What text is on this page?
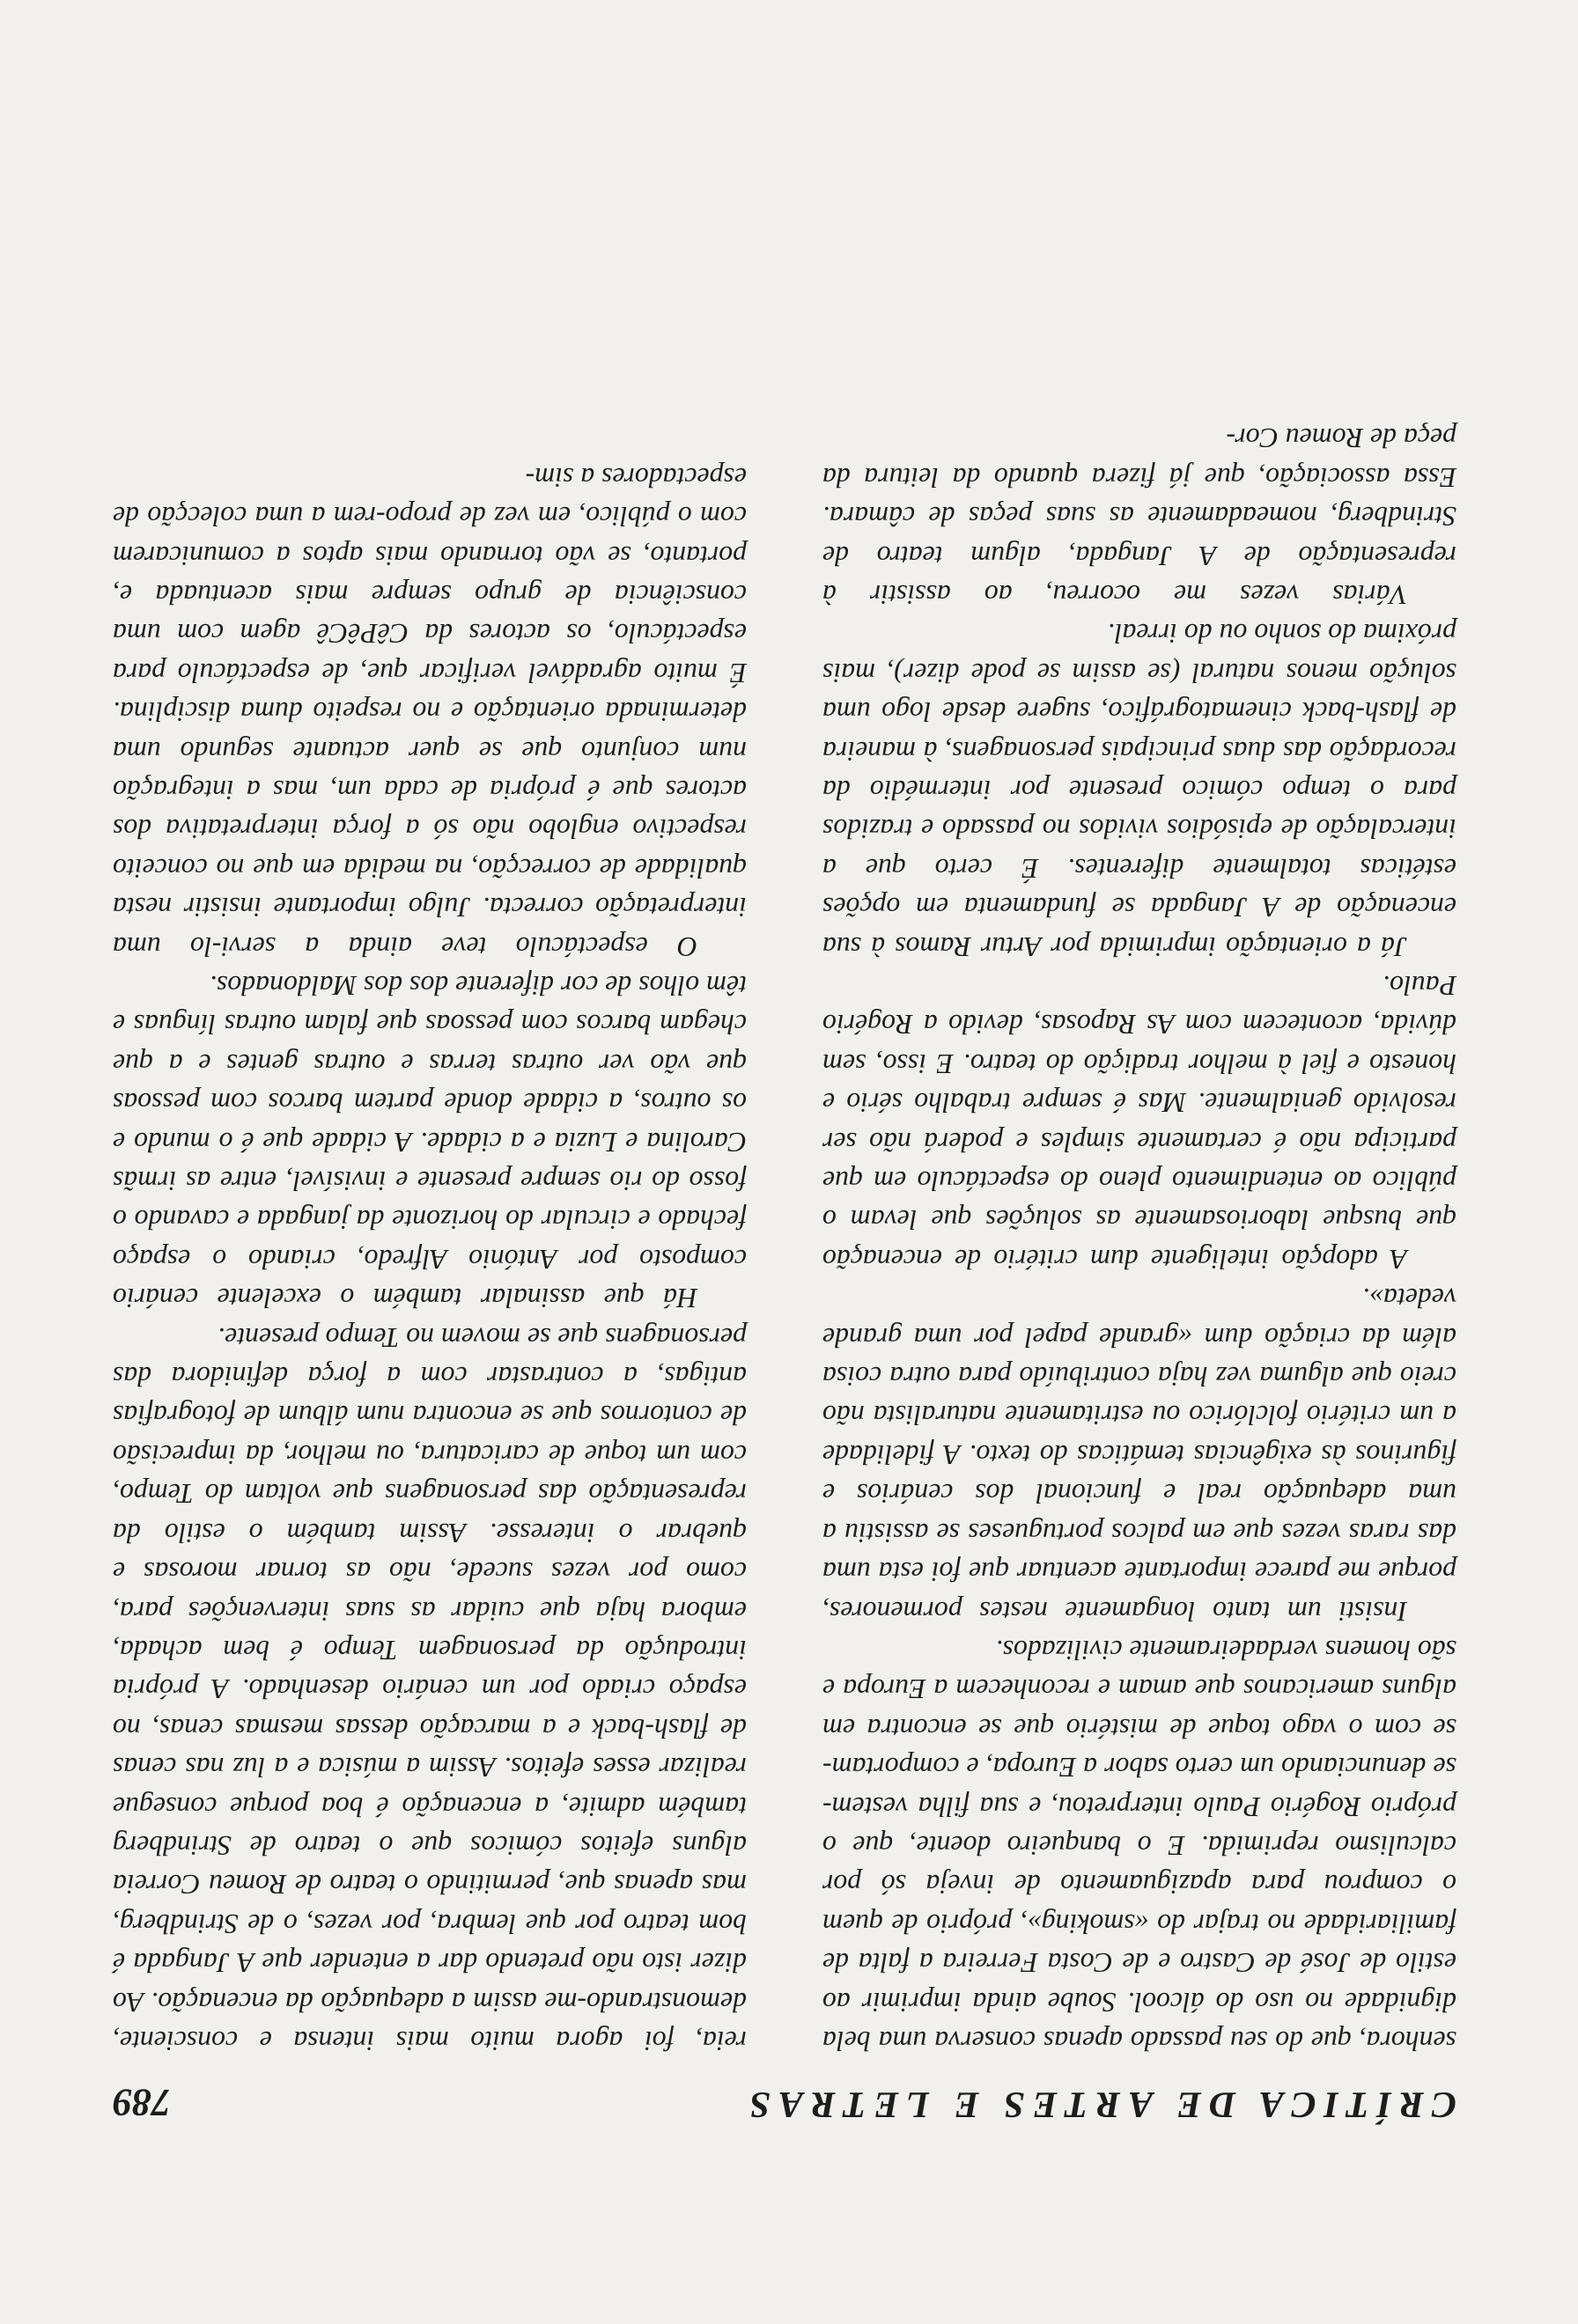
CRÍTICA DE ARTES E LETRAS
789

senhora, que do seu passado apenas conserva uma bela dignidade no uso do álcool. Soube ainda imprimir ao estilo de José de Castro e de Costa Ferreira a falta de familiaridade no trajar do «smoking», próprio de quem o comprou para apaziguamento de inveja só por calculismo reprimida. E o banqueiro doente, que o próprio Rogério Paulo interpretou, e sua filha vestem-se denunciando um certo sabor a Europa, e comportam-se com o vago toque de mistério que se encontra em alguns americanos que amam e reconhecem a Europa e são homens verdadeiramente civilizados.

Insisti um tanto longamente nestes pormenores, porque me parece importante acentuar que foi esta uma das raras vezes que em palcos portugueses se assistiu a uma adequação real e funcional dos cenários e figurinos às exigências temáticas do texto. A fidelidade a um critério folclórico ou estritamente naturalista não creio que alguma vez haja contribuído para outra coisa além da criação dum «grande papel por uma grande vedeta».

A adopção inteligente dum critério de encenação que busque laboriosamente as soluções que levam o público ao entendimento pleno do espectáculo em que participa não é certamente simples e poderá não ser resolvido genialmente. Mas é sempre trabalho sério e honesto e fiel à melhor tradição do teatro. E isso, sem dúvida, acontecem com As Raposas, devido a Rogério Paulo.

Já a orientação imprimida por Artur Ramos à sua encenação de A Jangada se fundamenta em opções estéticas totalmente diferentes. É certo que a intercalação de episódios vividos no passado e trazidos para o tempo cómico presente por intermédio da recordação das duas principais personagens, à maneira de flash-back cinematográfico, sugere desde logo uma solução menos natural (se assim se pode dizer), mais próxima do sonho ou do irreal.

Várias vezes me ocorreu, ao assistir à representação de A Jangada, algum teatro de Strindberg, nomeadamente as suas peças de câmara. Essa associação, que já fizera quando da leitura da peça de Romeu Cor-

reia, foi agora muito mais intensa e consciente, demonstrando-me assim a adequação da encenação. Ao dizer isto não pretendo dar a entender que A Jangada é bom teatro por que lembra, por vezes, o de Strindberg, mas apenas que, permitindo o teatro de Romeu Correia alguns efeitos cómicos que o teatro de Strindberg também admite, a encenação é boa porque consegue realizar esses efeitos. Assim a música e a luz nas cenas de flash-back e a marcação dessas mesmas cenas, no espaço criado por um cenário desenhado. A própria introdução da personagem Tempo é bem achada, embora haja que cuidar as suas intervenções para, como por vezes sucede, não as tornar morosas e quebrar o interesse. Assim também o estilo da representação das personagens que voltam do Tempo, com um toque de caricatura, ou melhor, da imprecisão de contornos que se encontra num álbum de fotografias antigas, a contrastar com a força definidora das personagens que se movem no Tempo presente.

Há que assinalar também o excelente cenário composto por António Alfredo, criando o espaço fechado e circular do horizonte da jangada e cavando o fosso do rio sempre presente e invisível, entre as irmãs Carolina e Luzia e a cidade. A cidade que é o mundo e os outros, a cidade donde partem barcos com pessoas que vão ver outras terras e outras gentes e a que chegam barcos com pessoas que falam outras línguas e têm olhos de cor diferente dos dos Maldonados.

O espectáculo teve ainda a servi-lo uma interpretação correcta. Julgo importante insistir nesta qualidade de correcção, na medida em que no conceito respectivo englobo não só a força interpretativa dos actores que é própria de cada um, mas a integração num conjunto que se quer actuante segundo uma determinada orientação e no respeito duma disciplina. É muito agradável verificar que, de espectáculo para espectáculo, os actores da CêPêCê agem com uma consciência de grupo sempre mais acentuada e, portanto, se vão tornando mais aptos a comunicarem com o público, em vez de propo-rem a uma colecção de espectadores a sim-
